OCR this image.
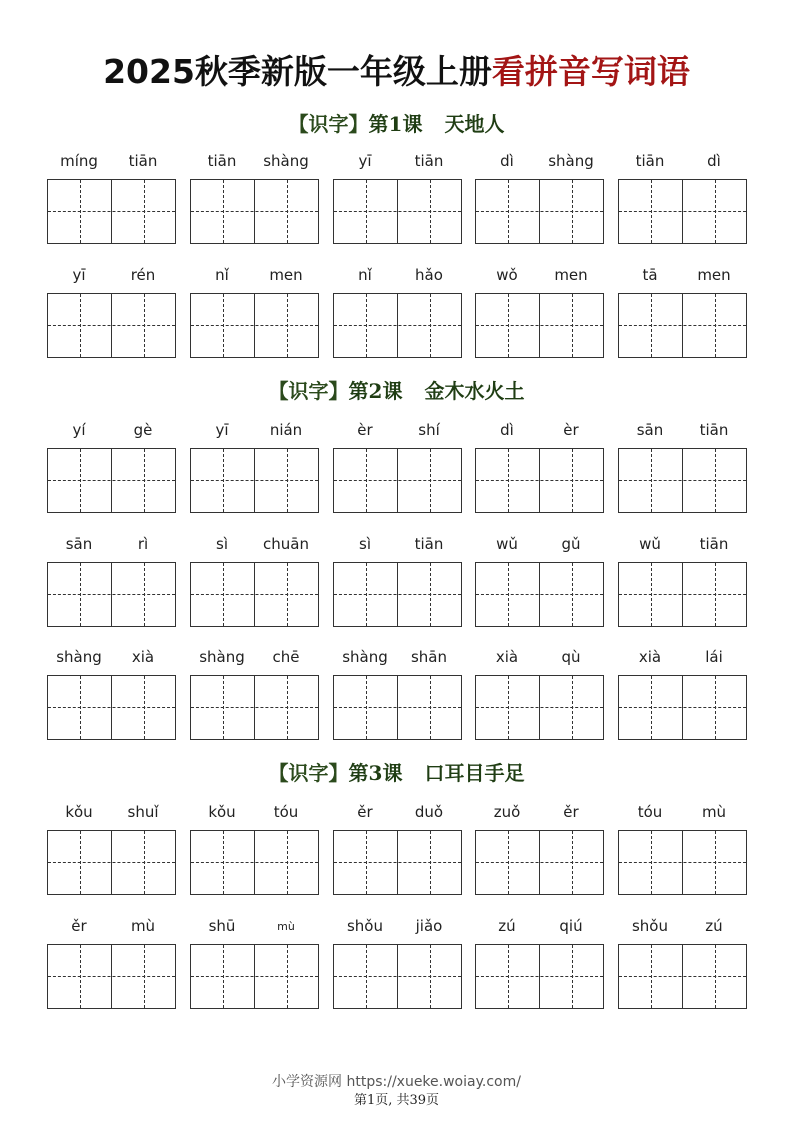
2025秋季新版一年级上册看拼音写词语
【识字】第1课 天地人
míng	tiān	tiān	shàng	yī	tiān	dì	shàng	tiān	dì
yī	rén	nǐ	men	nǐ	hǎo	wǒ	men	tā	men
【识字】第2课 金木水火土
yí	gè	yī	nián	èr	shí	dì	èr	sān	tiān
sān	rì	sì	chuān	sì	tiān	wǔ	gǔ	wǔ	tiān
shàng	xià	shàng	chē	shàng	shān	xià	qù	xià	lái
【识字】第3课 口耳目手足
kǒu	shuǐ	kǒu	tóu	ěr	duǒ	zuǒ	ěr	tóu	mù
ěr	mù	shū	mù	shǒu	jiǎo	zú	qiú	shǒu	zú
小学资源网 https://xueke.woiay.com/
第1页, 共39页
